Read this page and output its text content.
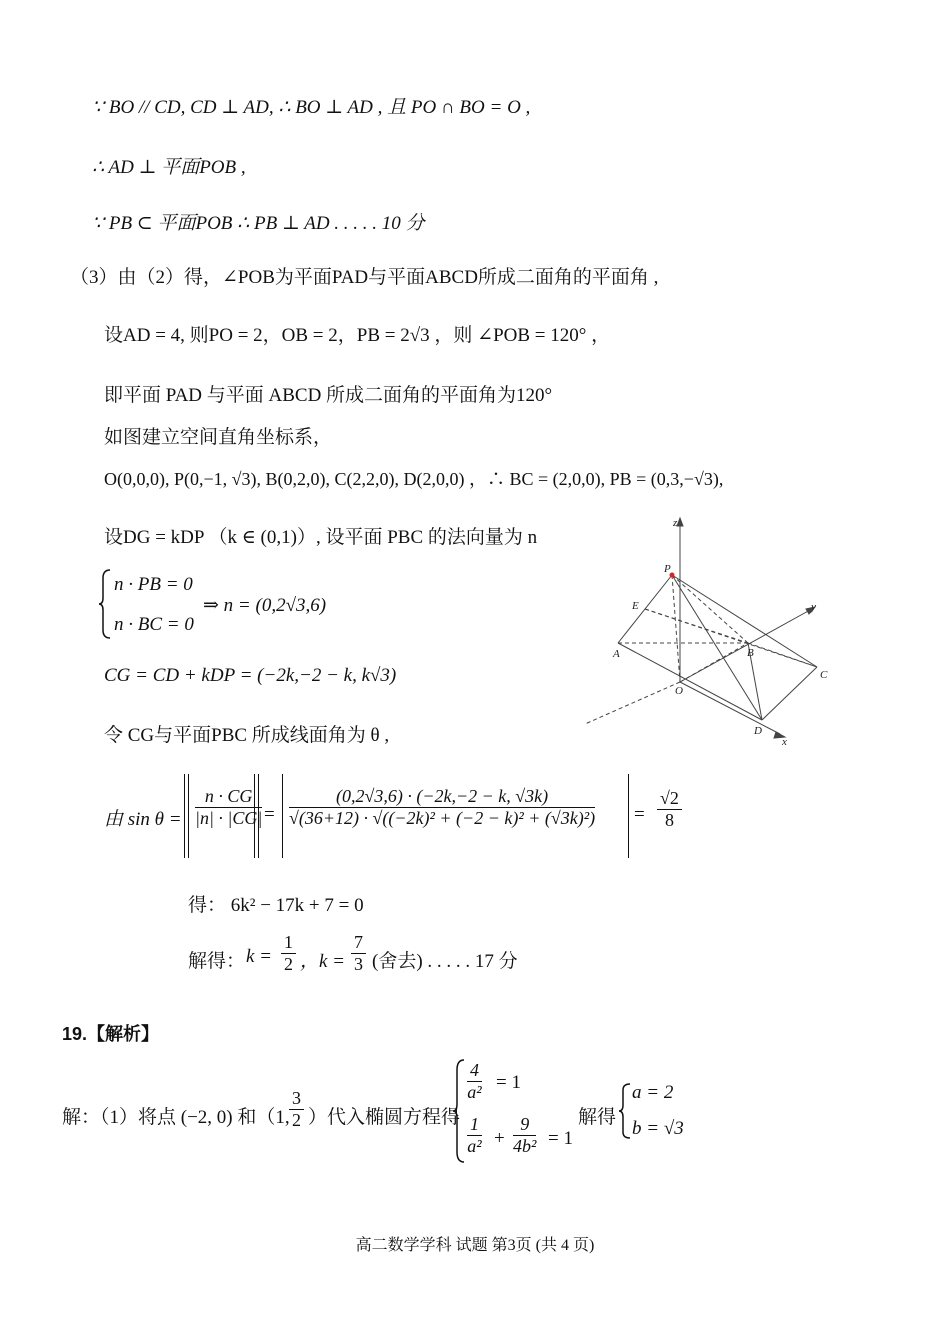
∵ BO // CD, CD ⊥ AD, ∴ BO ⊥ AD , 且 PO ∩ BO = O ,
∴ AD ⊥ 平面POB ,
∵ PB ⊂ 平面POB ∴ PB ⊥ AD . . . . . 10 分
（3）由（2）得，∠POB为平面PAD与平面ABCD所成二面角的平面角 ,
设AD = 4, 则PO = 2，OB = 2，PB = 2√3 ，则 ∠POB = 120° ，
即平面 PAD 与平面 ABCD 所成二面角的平面角为120°
如图建立空间直角坐标系，
O(0,0,0), P(0,−1, √3), B(0,2,0), C(2,2,0), D(2,0,0) ，∴ BC = (2,0,0), PB = (0,3,−√3),
设DG = kDP （k ∈ (0,1)）, 设平面 PBC 的法向量为 n
n · PB = 0
n · BC = 0
⇒ n = (0,2√3,6)
CG = CD + kDP = (−2k,−2 − k, k√3)
令 CG与平面PBC 所成线面角为 θ ,
由 $\sin \theta = \frac{n \cdot CG}{|n| \cdot |CG|} = \frac{(0,2√3,6) \cdot (-2k,-2 - k, √3k)}{\text{√(36+12) · √((−2k)² + (−2 − k)² + (√3k)²)}} = \frac{√2}{8}$
得： 6k² − 17k + 7 = 0
解得： $k = \frac{1}{2}$ ，$k = \frac{7}{3}$ (舍去) . . . . . 17 分
19.【解析】
解：（1）将点 (−2, 0) 和（1, $\frac{3}{2}$ ）代入椭圆方程得
$\frac{4}{\text{a²}} = 1$
$\frac{1}{\text{a²}} + \frac{9}{\text{4b²}} = 1$
解得
a = 2
b = √3
z
P
E	y
A	B
C
O
D
x
高二数学学科 试题 第3页 (共 4 页)
